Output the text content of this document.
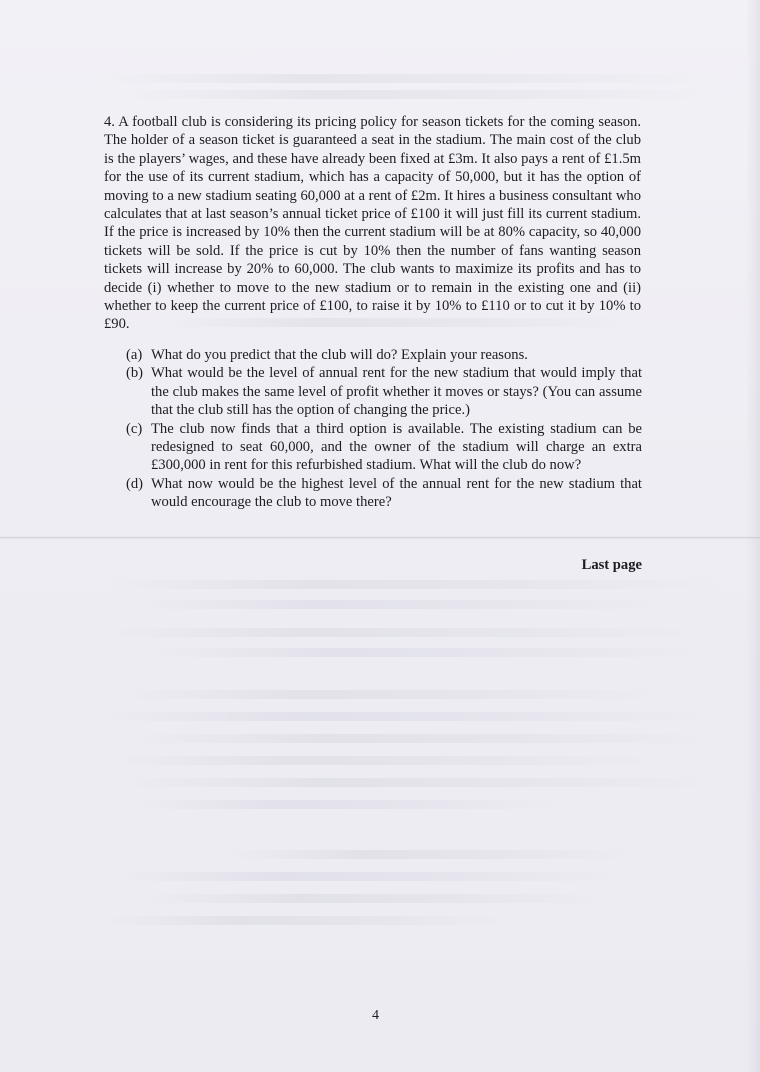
4. A football club is considering its pricing policy for season tickets for the coming season. The holder of a season ticket is guaranteed a seat in the stadium. The main cost of the club is the players’ wages, and these have already been fixed at £3m. It also pays a rent of £1.5m for the use of its current stadium, which has a capacity of 50,000, but it has the option of moving to a new stadium seating 60,000 at a rent of £2m. It hires a business consultant who calculates that at last season’s annual ticket price of £100 it will just fill its current stadium. If the price is increased by 10% then the current stadium will be at 80% capacity, so 40,000 tickets will be sold. If the price is cut by 10% then the number of fans wanting season tickets will increase by 20% to 60,000. The club wants to maximize its profits and has to decide (i) whether to move to the new stadium or to remain in the existing one and (ii) whether to keep the current price of £100, to raise it by 10% to £110 or to cut it by 10% to £90.

(a) What do you predict that the club will do? Explain your reasons.
(b) What would be the level of annual rent for the new stadium that would imply that the club makes the same level of profit whether it moves or stays? (You can assume that the club still has the option of changing the price.)
(c) The club now finds that a third option is available. The existing stadium can be redesigned to seat 60,000, and the owner of the stadium will charge an extra £300,000 in rent for this refurbished stadium. What will the club do now?
(d) What now would be the highest level of the annual rent for the new stadium that would encourage the club to move there?
Last page
4
